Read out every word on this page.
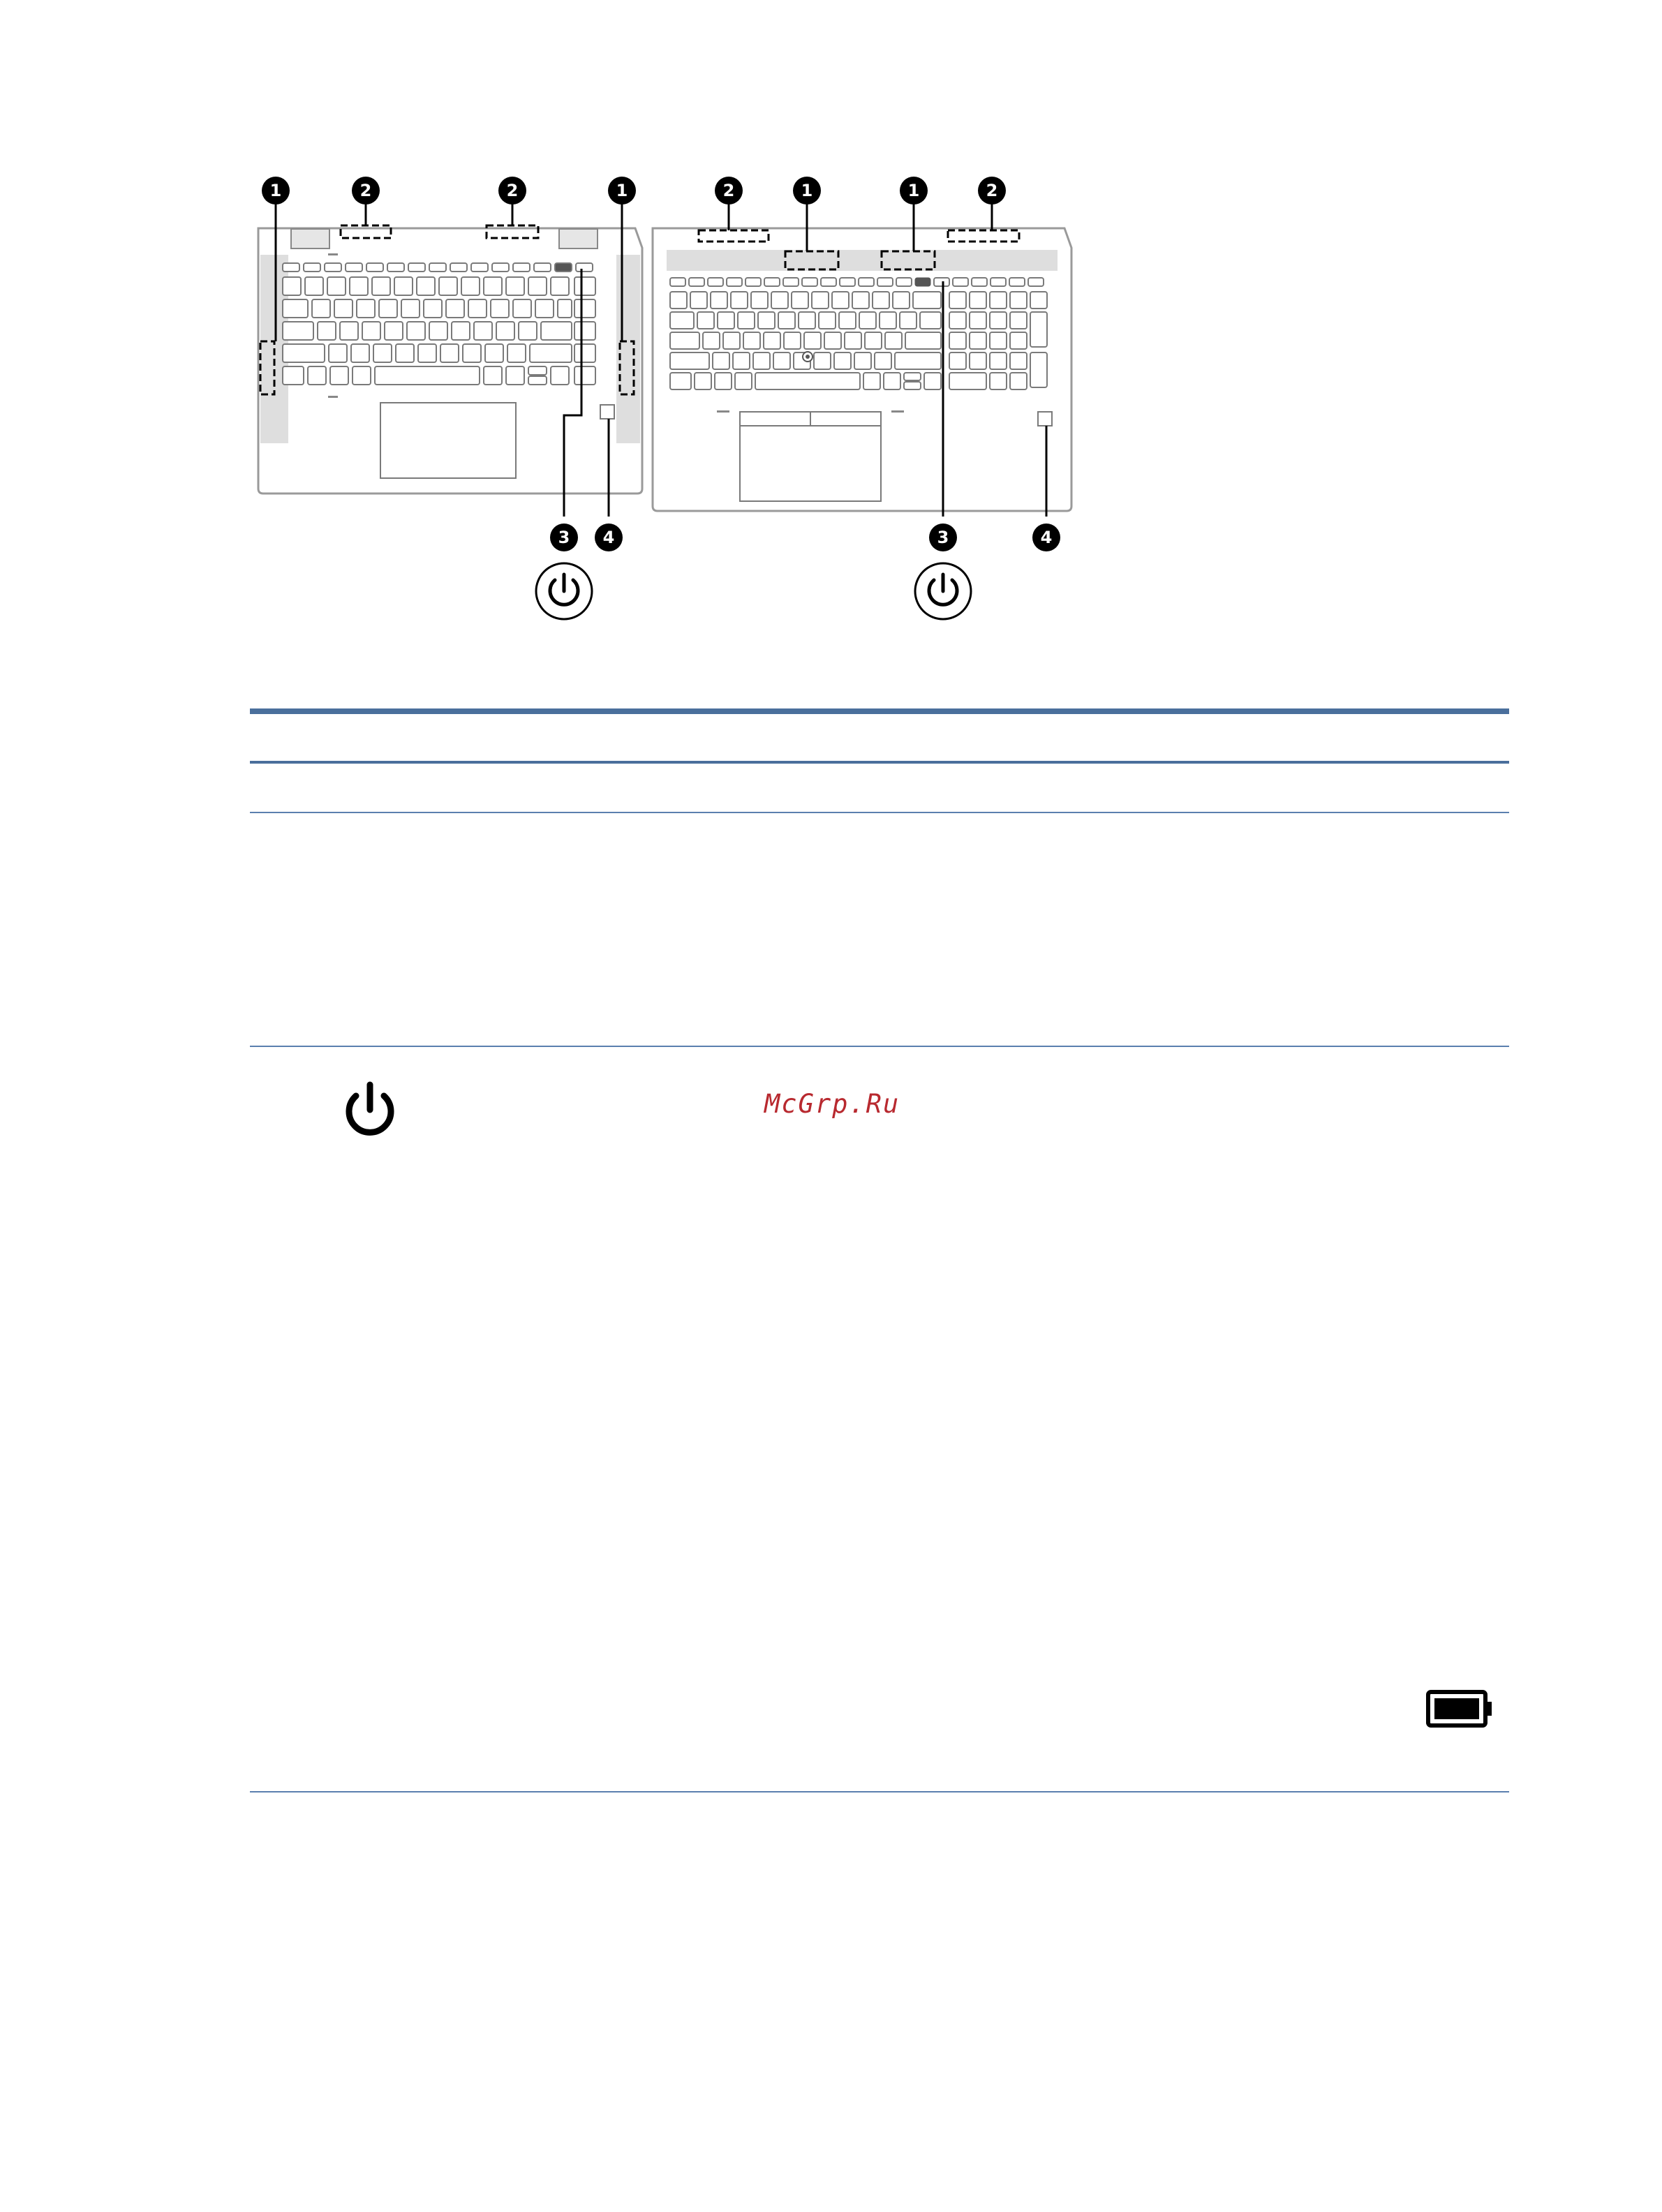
1	2	2	1
3 4
2	1	1	2
3	4
McGrp.Ru
